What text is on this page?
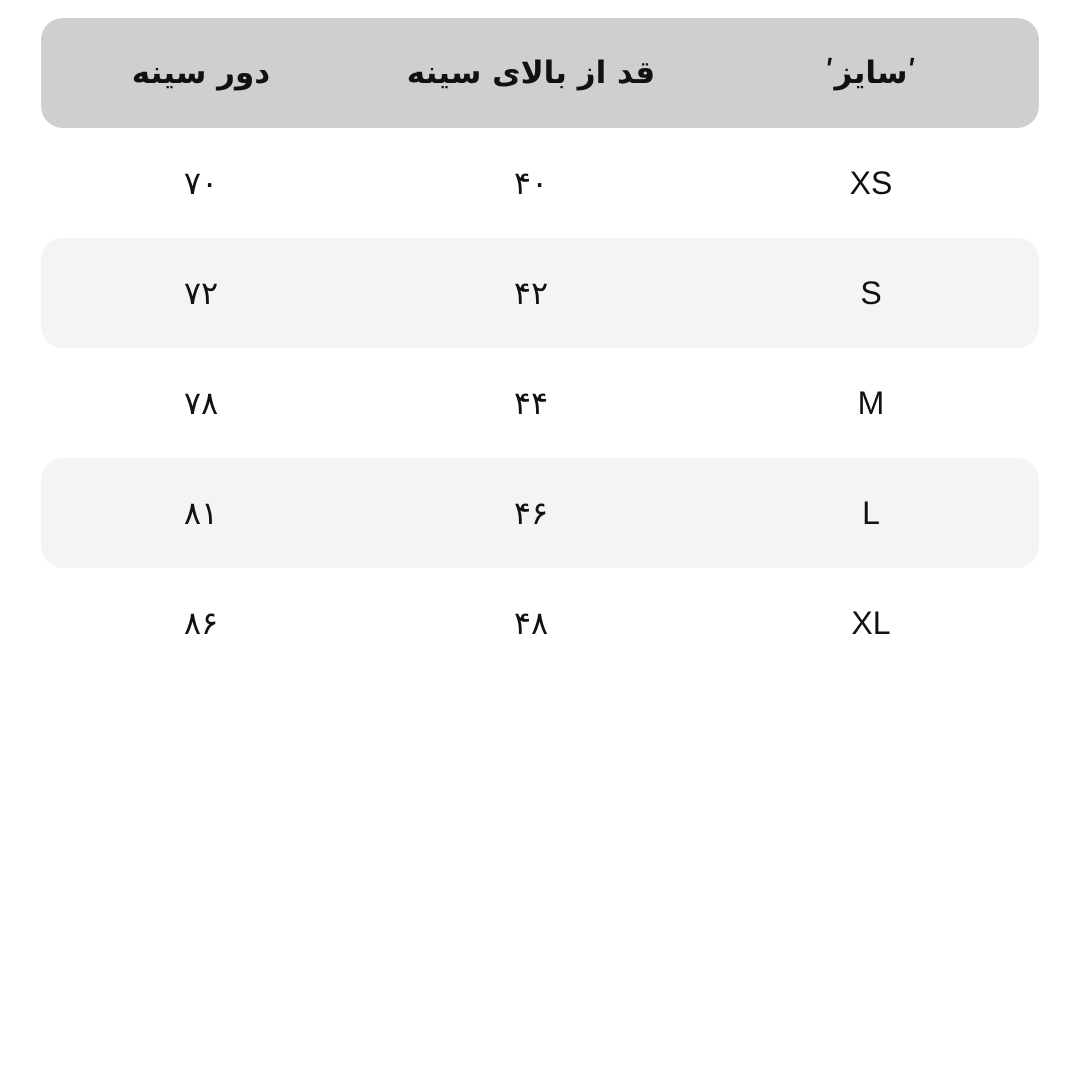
دور سینه	قد از بالای سینه	ʹسایزʹ
۷۰	۴۰	XS
۷۲	۴۲	S
۷۸	۴۴	M
۸۱	۴۶	L
۸۶	۴۸	XL
